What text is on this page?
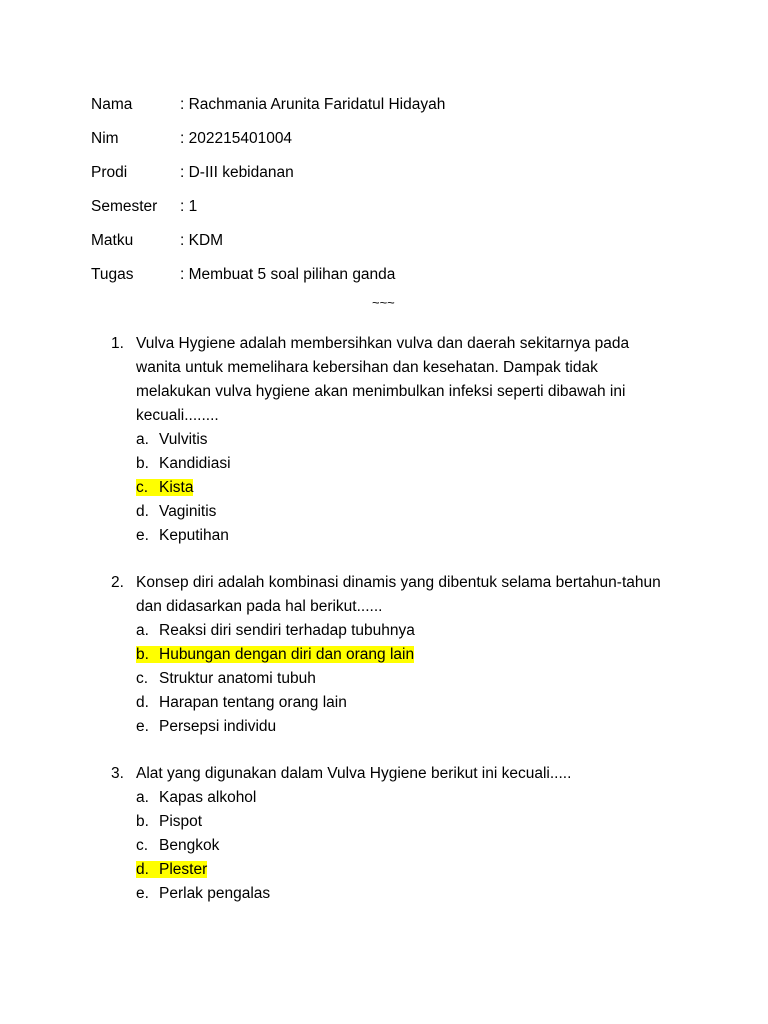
Nama	: Rachmania Arunita Faridatul Hidayah
Nim	: 202215401004
Prodi	: D-III kebidanan
Semester : 1
Matku	: KDM
Tugas	: Membuat 5 soal pilihan ganda
~~~
1. Vulva Hygiene adalah membersihkan vulva dan daerah sekitarnya pada wanita untuk memelihara kebersihan dan kesehatan. Dampak tidak melakukan vulva hygiene akan menimbulkan infeksi seperti dibawah ini kecuali........
a. Vulvitis
b. Kandidiasi
c. Kista
d. Vaginitis
e. Keputihan
2. Konsep diri adalah kombinasi dinamis yang dibentuk selama bertahun-tahun dan didasarkan pada hal berikut......
a. Reaksi diri sendiri terhadap tubuhnya
b. Hubungan dengan diri dan orang lain
c. Struktur anatomi tubuh
d. Harapan tentang orang lain
e. Persepsi individu
3. Alat yang digunakan dalam Vulva Hygiene berikut ini kecuali.....
a. Kapas alkohol
b. Pispot
c. Bengkok
d. Plester
e. Perlak pengalas
